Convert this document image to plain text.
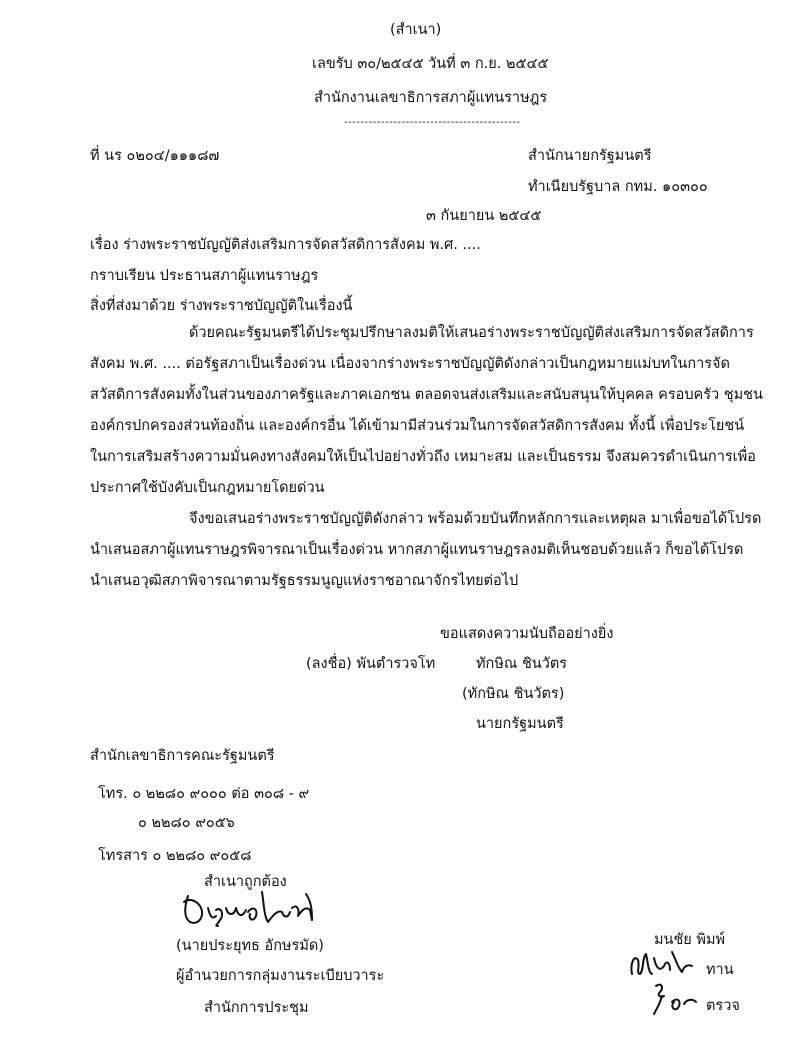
(สำเนา)
เลขรับ ๓๐/๒๕๔๕ วันที่ ๓ ก.ย. ๒๕๔๕
สำนักงานเลขาธิการสภาผู้แทนราษฎร
-------------------------------------------
ที่ นร ๐๒๐๔/๑๑๑๘๗	สำนักนายกรัฐมนตรี
ทำเนียบรัฐบาล กทม. ๑๐๓๐๐
๓ กันยายน ๒๕๔๕
เรื่อง ร่างพระราชบัญญัติส่งเสริมการจัดสวัสดิการสังคม พ.ศ. ....
กราบเรียน ประธานสภาผู้แทนราษฎร
สิ่งที่ส่งมาด้วย ร่างพระราชบัญญัติในเรื่องนี้
ด้วยคณะรัฐมนตรีได้ประชุมปรึกษาลงมติให้เสนอร่างพระราชบัญญัติส่งเสริมการจัดสวัสดิการ
สังคม พ.ศ. .... ต่อรัฐสภาเป็นเรื่องด่วน เนื่องจากร่างพระราชบัญญัติดังกล่าวเป็นกฎหมายแม่บทในการจัด
สวัสดิการสังคมทั้งในส่วนของภาครัฐและภาคเอกชน ตลอดจนส่งเสริมและสนับสนุนให้บุคคล ครอบครัว ชุมชน
องค์กรปกครองส่วนท้องถิ่น และองค์กรอื่น ได้เข้ามามีส่วนร่วมในการจัดสวัสดิการสังคม ทั้งนี้ เพื่อประโยชน์
ในการเสริมสร้างความมั่นคงทางสังคมให้เป็นไปอย่างทั่วถึง เหมาะสม และเป็นธรรม จึงสมควรดำเนินการเพื่อ
ประกาศใช้บังคับเป็นกฎหมายโดยด่วน
จึงขอเสนอร่างพระราชบัญญัติดังกล่าว พร้อมด้วยบันทึกหลักการและเหตุผล มาเพื่อขอได้โปรด
นำเสนอสภาผู้แทนราษฎรพิจารณาเป็นเรื่องด่วน หากสภาผู้แทนราษฎรลงมติเห็นชอบด้วยแล้ว ก็ขอได้โปรด
นำเสนอวุฒิสภาพิจารณาตามรัฐธรรมนูญแห่งราชอาณาจักรไทยต่อไป
ขอแสดงความนับถืออย่างยิ่ง
(ลงชื่อ) พันตำรวจโท	ทักษิณ ชินวัตร
(ทักษิณ ชินวัตร)
นายกรัฐมนตรี
สำนักเลขาธิการคณะรัฐมนตรี
โทร. ๐ ๒๒๘๐ ๙๐๐๐ ต่อ ๓๐๘ - ๙
๐ ๒๒๘๐ ๙๐๕๖
โทรสาร ๐ ๒๒๘๐ ๙๐๕๘
สำเนาถูกต้อง
(นายประยุทธ อักษรมัด)
ผู้อำนวยการกลุ่มงานระเบียบวาระ
สำนักการประชุม
มนชัย พิมพ์
ทาน
ตรวจ
